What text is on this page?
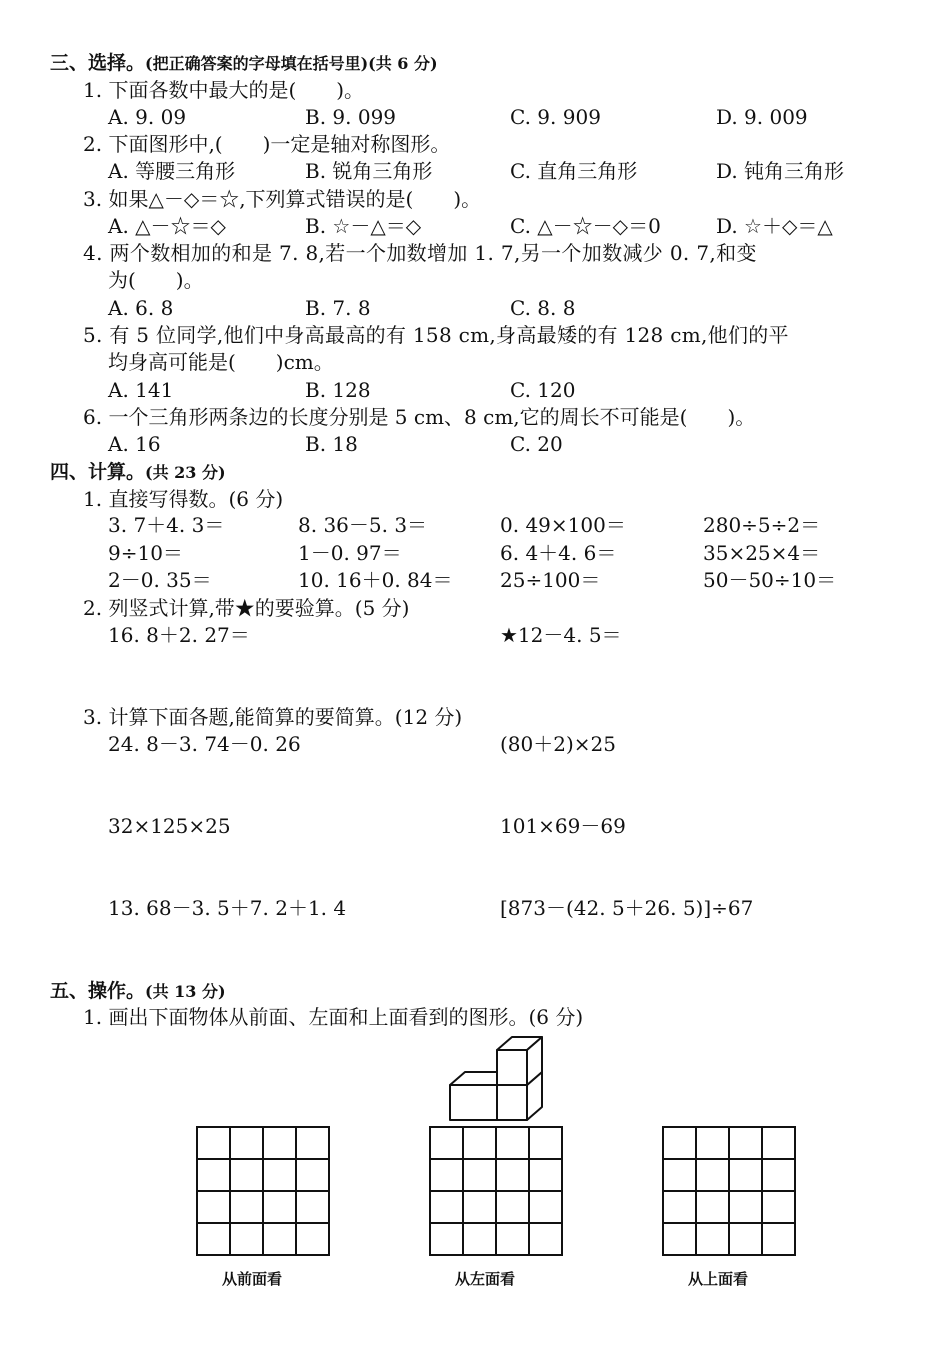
三、选择。(把正确答案的字母填在括号里)(共 6 分)
1. 下面各数中最大的是(　　)。
A. 9. 09	B. 9. 099	C. 9. 909	D. 9. 009
2. 下面图形中,(　　)一定是轴对称图形。
A. 等腰三角形	B. 锐角三角形	C. 直角三角形	D. 钝角三角形
3. 如果△－◇＝☆,下列算式错误的是(　　)。
A. △－☆＝◇	B. ☆－△＝◇	C. △－☆－◇＝0	D. ☆＋◇＝△
4. 两个数相加的和是 7. 8,若一个加数增加 1. 7,另一个加数减少 0. 7,和变
为(　　)。
A. 6. 8	B. 7. 8	C. 8. 8
5. 有 5 位同学,他们中身高最高的有 158 cm,身高最矮的有 128 cm,他们的平
均身高可能是(　　)cm。
A. 141	B. 128	C. 120
6. 一个三角形两条边的长度分别是 5 cm、8 cm,它的周长不可能是(　　)。
A. 16	B. 18	C. 20
四、计算。(共 23 分)
1. 直接写得数。(6 分)
3. 7＋4. 3＝	8. 36－5. 3＝	0. 49×100＝	280÷5÷2＝
9÷10＝	1－0. 97＝	6. 4＋4. 6＝	35×25×4＝
2－0. 35＝	10. 16＋0. 84＝ 25÷100＝	50－50÷10＝
2. 列竖式计算,带★的要验算。(5 分)
16. 8＋2. 27＝	★12－4. 5＝
3. 计算下面各题,能简算的要简算。(12 分)
24. 8－3. 74－0. 26	(80＋2)×25
32×125×25	101×69－69
13. 68－3. 5＋7. 2＋1. 4	[873－(42. 5＋26. 5)]÷67
五、操作。(共 13 分)
1. 画出下面物体从前面、左面和上面看到的图形。(6 分)

从前面看	从左面看	从上面看
